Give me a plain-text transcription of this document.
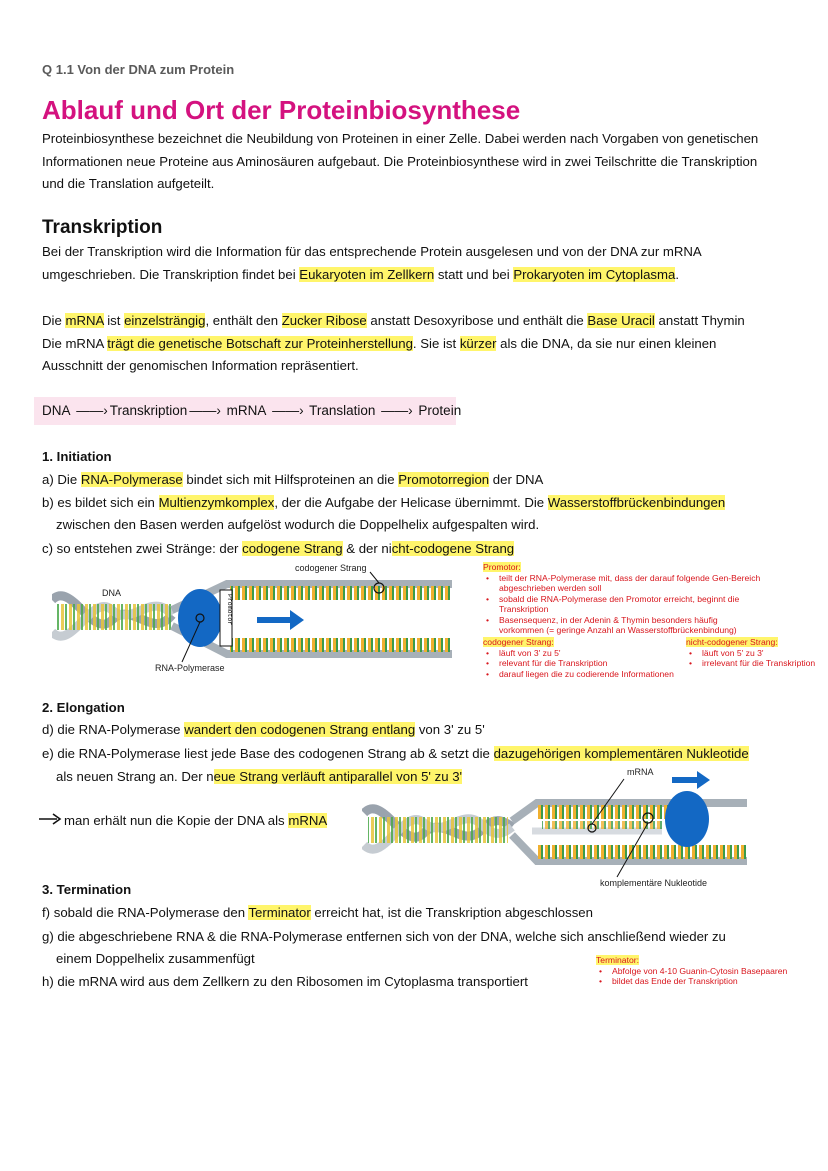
Q 1.1 Von der DNA zum Protein
Ablauf und Ort der Proteinbiosynthese
Proteinbiosynthese bezeichnet die Neubildung von Proteinen in einer Zelle. Dabei werden nach Vorgaben von genetischen
Informationen neue Proteine aus Aminosäuren aufgebaut. Die Proteinbiosynthese wird in zwei Teilschritte die Transkription
und die Translation aufgeteilt.
Transkription
Bei der Transkription wird die Information für das entsprechende Protein ausgelesen und von der DNA zur mRNA
umgeschrieben. Die Transkription findet bei Eukaryoten im Zellkern statt und bei Prokaryoten im Cytoplasma.
Die mRNA ist einzelsträngig, enthält den Zucker Ribose anstatt Desoxyribose und enthält die Base Uracil anstatt Thymin
Die mRNA trägt die genetische Botschaft zur Proteinherstellung. Sie ist kürzer als die DNA, da sie nur einen kleinen
Ausschnitt der genomischen Information repräsentiert.
DNA ——› Transkription ——› mRNA ——› Translation ——› Protein
1. Initiation
a) Die RNA-Polymerase bindet sich mit Hilfsproteinen an die Promotorregion der DNA
b) es bildet sich ein Multienzymkomplex, der die Aufgabe der Helicase übernimmt. Die Wasserstoffbrückenbindungen
zwischen den Basen werden aufgelöst wodurch die Doppelhelix aufgespalten wird.
c) so entstehen zwei Stränge: der codogene Strang & der nicht-codogene Strang
DNA
codogener Strang
RNA-Polymerase
Promotor
Promotor:
• teilt der RNA-Polymerase mit, dass der darauf folgende Gen-Bereich abgeschrieben werden soll
• sobald die RNA-Polymerase den Promotor erreicht, beginnt die Transkription
• Basensequenz, in der Adenin & Thymin besonders häufig vorkommen (= geringe Anzahl an Wasserstoffbrückenbindung)
codogener Strang:
• läuft von 3' zu 5'
• relevant für die Transkription
• darauf liegen die zu codierende Informationen
nicht-codogener Strang:
• läuft von 5' zu 3'
• irrelevant für die Transkription
2. Elongation
d) die RNA-Polymerase wandert den codogenen Strang entlang von 3' zu 5'
e) die RNA-Polymerase liest jede Base des codogenen Strang ab & setzt die dazugehörigen komplementären Nukleotide
als neuen Strang an. Der neue Strang verläuft antiparallel von 5' zu 3'
man erhält nun die Kopie der DNA als mRNA
mRNA
komplementäre Nukleotide
3. Termination
f) sobald die RNA-Polymerase den Terminator erreicht hat, ist die Transkription abgeschlossen
g) die abgeschriebene RNA & die RNA-Polymerase entfernen sich von der DNA, welche sich anschließend wieder zu
einem Doppelhelix zusammenfügt
h) die mRNA wird aus dem Zellkern zu den Ribosomen im Cytoplasma transportiert
Terminator:
• Abfolge von 4-10 Guanin-Cytosin Basepaaren
• bildet das Ende der Transkription
